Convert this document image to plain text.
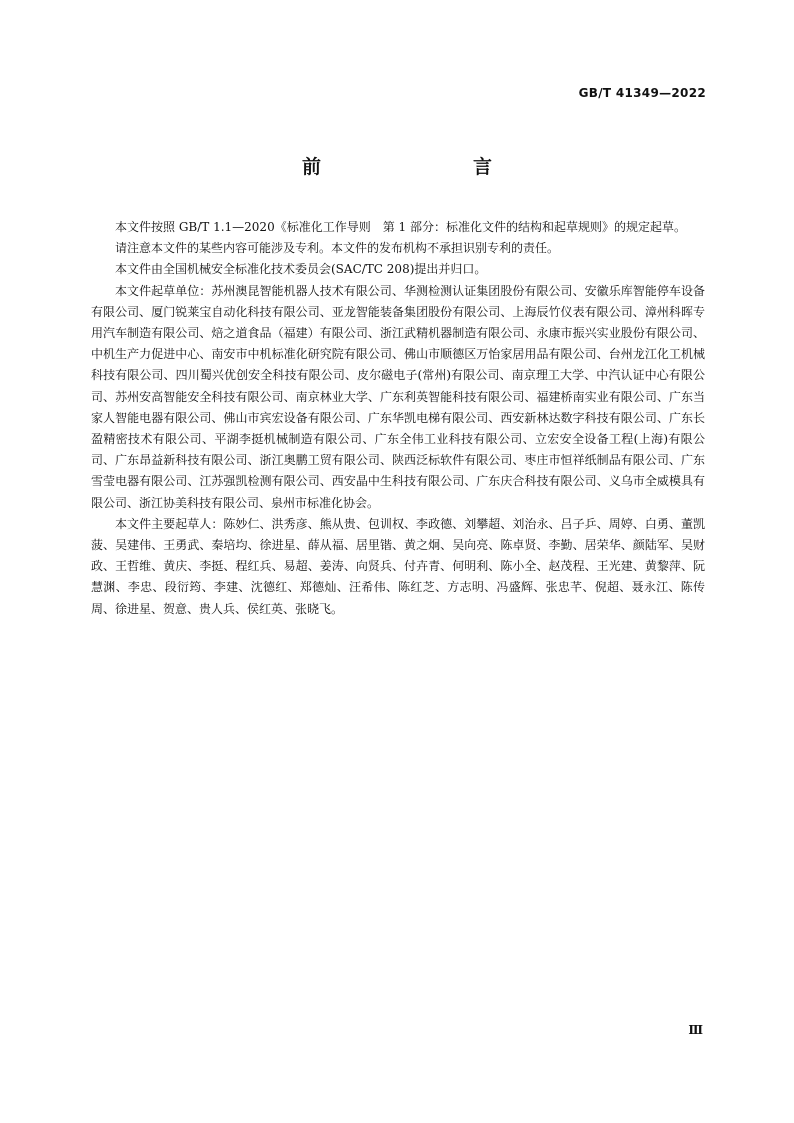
GB/T 41349—2022
前　　言

本文件按照 GB/T 1.1—2020《标准化工作导则　第 1 部分：标准化文件的结构和起草规则》的规定起草。

请注意本文件的某些内容可能涉及专利。本文件的发布机构不承担识别专利的责任。

本文件由全国机械安全标准化技术委员会(SAC/TC 208)提出并归口。

本文件起草单位：苏州澳昆智能机器人技术有限公司、华测检测认证集团股份有限公司、安徽乐库智能停车设备有限公司、厦门锐莱宝自动化科技有限公司、亚龙智能装备集团股份有限公司、上海辰竹仪表有限公司、漳州科晖专用汽车制造有限公司、焙之道食品（福建）有限公司、浙江武精机器制造有限公司、永康市振兴实业股份有限公司、中机生产力促进中心、南安市中机标准化研究院有限公司、佛山市顺德区万怡家居用品有限公司、台州龙江化工机械科技有限公司、四川蜀兴优创安全科技有限公司、皮尔磁电子(常州)有限公司、南京理工大学、中汽认证中心有限公司、苏州安高智能安全科技有限公司、南京林业大学、广东利英智能科技有限公司、福建桥南实业有限公司、广东当家人智能电器有限公司、佛山市宾宏设备有限公司、广东华凯电梯有限公司、西安新林达数字科技有限公司、广东长盈精密技术有限公司、平湖李挺机械制造有限公司、广东全伟工业科技有限公司、立宏安全设备工程(上海)有限公司、广东昂益新科技有限公司、浙江奥鹏工贸有限公司、陕西泛标软件有限公司、枣庄市恒祥纸制品有限公司、广东雪莹电器有限公司、江苏强凯检测有限公司、西安晶中生科技有限公司、广东庆合科技有限公司、义乌市全威模具有限公司、浙江协美科技有限公司、泉州市标准化协会。

本文件主要起草人：陈妙仁、洪秀彦、熊从贵、包训权、李政德、刘攀超、刘治永、吕子乒、周婷、白勇、董凯菠、吴建伟、王勇武、秦培均、徐进星、薛从福、居里锴、黄之炯、吴向亮、陈卓贤、李勤、居荣华、颜陆军、吴财政、王哲维、黄庆、李挺、程红兵、易超、姜涛、向贤兵、付卉青、何明利、陈小全、赵茂程、王光建、黄黎萍、阮慧渊、李忠、段衍筠、李建、沈德红、郑德灿、汪希伟、陈红芝、方志明、冯盛辉、张忠芊、倪超、聂永江、陈传周、徐进星、贺意、贵人兵、侯红英、张晓飞。

Ⅲ
